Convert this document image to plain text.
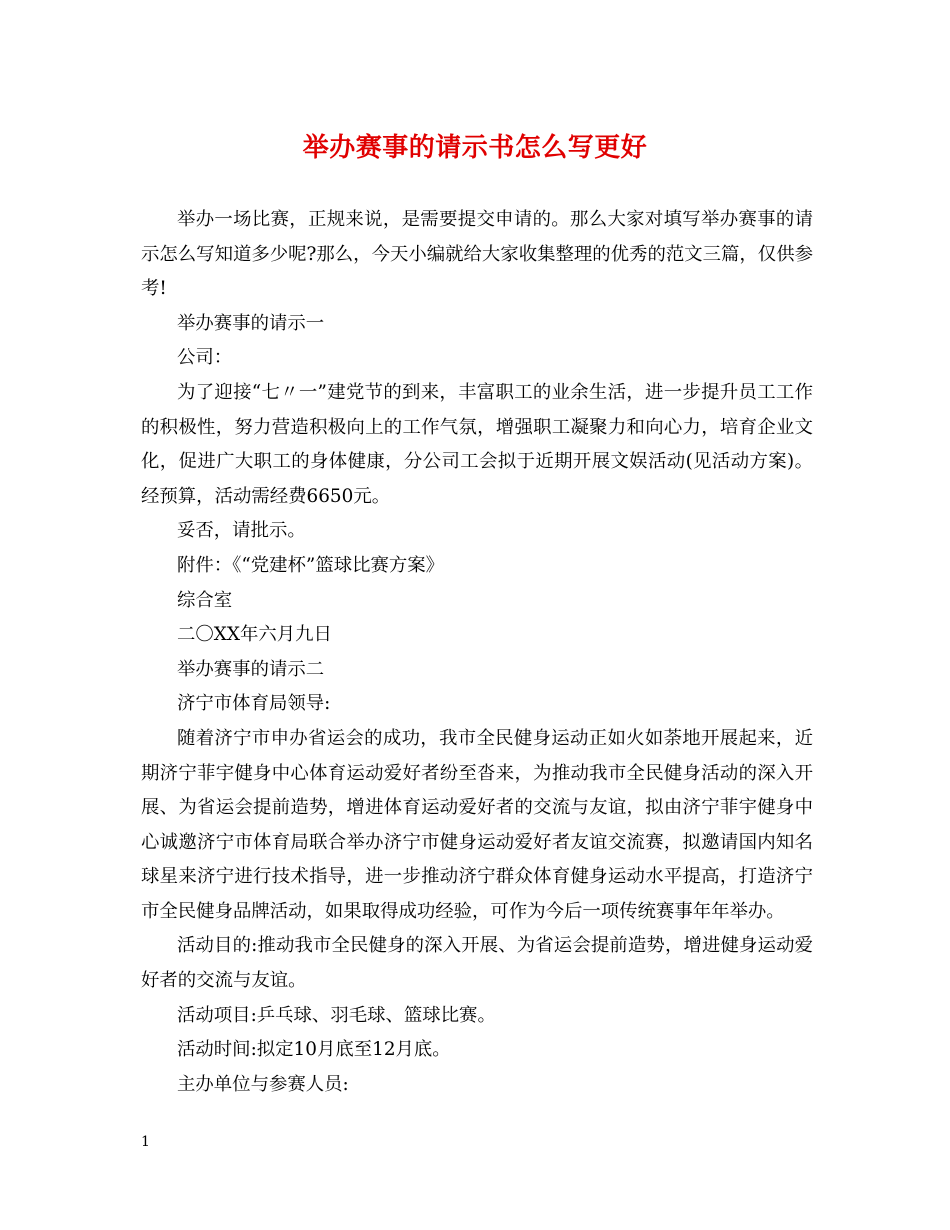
举办赛事的请示书怎么写更好

举办一场比赛，正规来说，是需要提交申请的。那么大家对填写举办赛事的请示怎么写知道多少呢?那么，今天小编就给大家收集整理的优秀的范文三篇，仅供参考!

举办赛事的请示一

公司：

为了迎接“七〃一”建党节的到来，丰富职工的业余生活，进一步提升员工工作的积极性，努力营造积极向上的工作气氛，增强职工凝聚力和向心力，培育企业文化，促进广大职工的身体健康，分公司工会拟于近期开展文娱活动(见活动方案)。经预算，活动需经费6650元。

妥否，请批示。

附件：《“党建杯”篮球比赛方案》

综合室

二〇XX年六月九日

举办赛事的请示二

济宁市体育局领导:

随着济宁市申办省运会的成功，我市全民健身运动正如火如荼地开展起来，近期济宁菲宇健身中心体育运动爱好者纷至沓来，为推动我市全民健身活动的深入开展、为省运会提前造势，增进体育运动爱好者的交流与友谊，拟由济宁菲宇健身中心诚邀济宁市体育局联合举办济宁市健身运动爱好者友谊交流赛，拟邀请国内知名球星来济宁进行技术指导，进一步推动济宁群众体育健身运动水平提高，打造济宁市全民健身品牌活动，如果取得成功经验，可作为今后一项传统赛事年年举办。

活动目的:推动我市全民健身的深入开展、为省运会提前造势，增进健身运动爱好者的交流与友谊。

活动项目:乒乓球、羽毛球、篮球比赛。

活动时间:拟定10月底至12月底。

主办单位与参赛人员:

1
